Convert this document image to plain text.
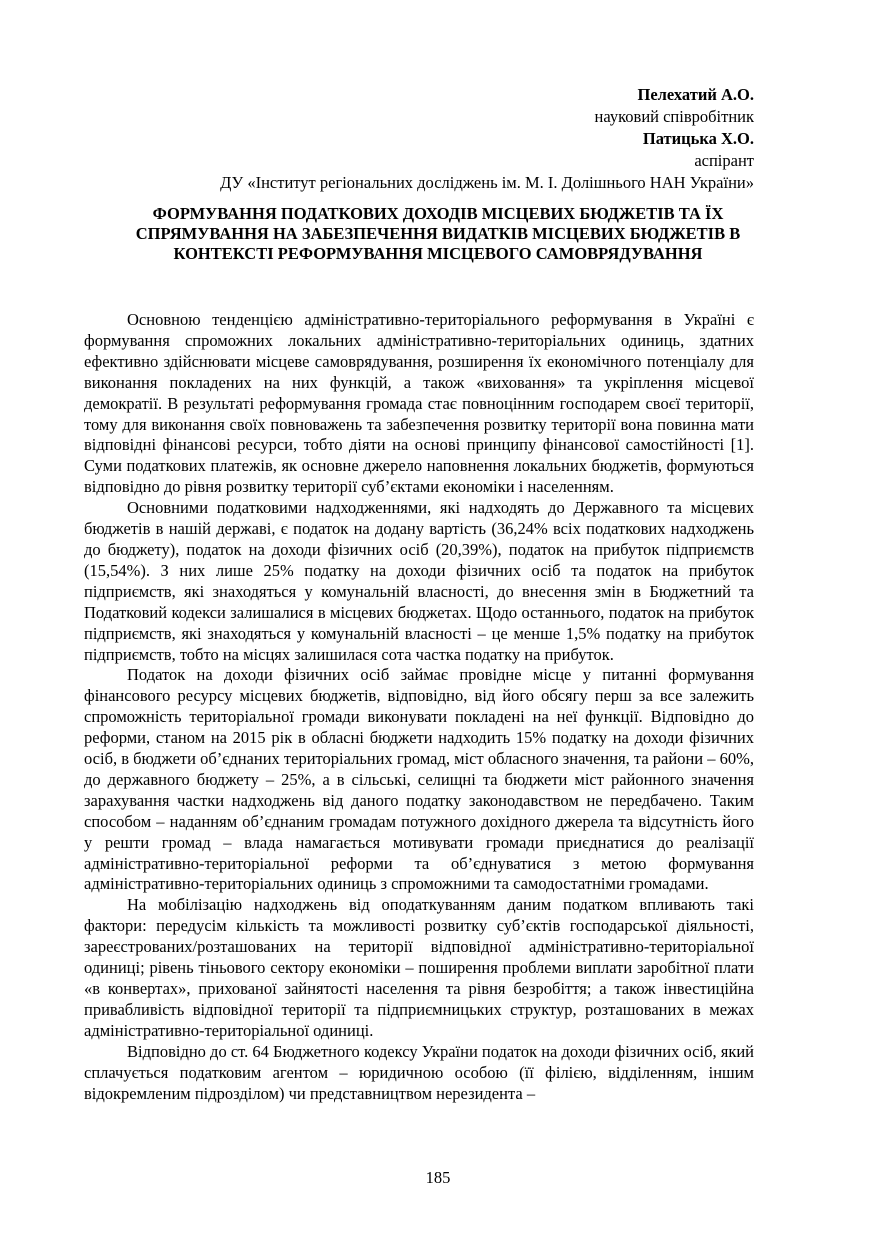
Пелехатий А.О.
науковий співробітник
Патицька Х.О.
аспірант
ДУ «Інститут регіональних досліджень ім. М. І. Долішнього НАН України»
ФОРМУВАННЯ ПОДАТКОВИХ ДОХОДІВ МІСЦЕВИХ БЮДЖЕТІВ ТА ЇХ СПРЯМУВАННЯ НА ЗАБЕЗПЕЧЕННЯ ВИДАТКІВ МІСЦЕВИХ БЮДЖЕТІВ В КОНТЕКСТІ РЕФОРМУВАННЯ МІСЦЕВОГО САМОВРЯДУВАННЯ

Основною тенденцією адміністративно-територіального реформування в Україні є формування спроможних локальних адміністративно-територіальних одиниць, здатних ефективно здійснювати місцеве самоврядування, розширення їх економічного потенціалу для виконання покладених на них функцій, а також «виховання» та укріплення місцевої демократії. В результаті реформування громада стає повноцінним господарем своєї території, тому для виконання своїх повноважень та забезпечення розвитку території вона повинна мати відповідні фінансові ресурси, тобто діяти на основі принципу фінансової самостійності [1]. Суми податкових платежів, як основне джерело наповнення локальних бюджетів, формуються відповідно до рівня розвитку території суб’єктами економіки і населенням.

Основними податковими надходженнями, які надходять до Державного та місцевих бюджетів в нашій державі, є податок на додану вартість (36,24% всіх податкових надходжень до бюджету), податок на доходи фізичних осіб (20,39%), податок на прибуток підприємств (15,54%). З них лише 25% податку на доходи фізичних осіб та податок на прибуток підприємств, які знаходяться у комунальній власності, до внесення змін в Бюджетний та Податковий кодекси залишалися в місцевих бюджетах. Щодо останнього, податок на прибуток підприємств, які знаходяться у комунальній власності – це менше 1,5% податку на прибуток підприємств, тобто на місцях залишилася сота частка податку на прибуток.

Податок на доходи фізичних осіб займає провідне місце у питанні формування фінансового ресурсу місцевих бюджетів, відповідно, від його обсягу перш за все залежить спроможність територіальної громади виконувати покладені на неї функції. Відповідно до реформи, станом на 2015 рік в обласні бюджети надходить 15% податку на доходи фізичних осіб, в бюджети об’єднаних територіальних громад, міст обласного значення, та райони – 60%, до державного бюджету – 25%, а в сільські, селищні та бюджети міст районного значення зарахування частки надходжень від даного податку законодавством не передбачено. Таким способом – наданням об’єднаним громадам потужного дохідного джерела та відсутність його у решти громад – влада намагається мотивувати громади приєднатися до реалізації адміністративно-територіальної реформи та об’єднуватися з метою формування адміністративно-територіальних одиниць з спроможними та самодостатніми громадами.

На мобілізацію надходжень від оподаткуванням даним податком впливають такі фактори: передусім кількість та можливості розвитку суб’єктів господарської діяльності, зареєстрованих/розташованих на території відповідної адміністративно-територіальної одиниці; рівень тіньового сектору економіки – поширення проблеми виплати заробітної плати «в конвертах», прихованої зайнятості населення та рівня безробіття; а також інвестиційна привабливість відповідної території та підприємницьких структур, розташованих в межах адміністративно-територіальної одиниці.

Відповідно до ст. 64 Бюджетного кодексу України податок на доходи фізичних осіб, який сплачується податковим агентом – юридичною особою (її філією, відділенням, іншим відокремленим підрозділом) чи представництвом нерезидента –

185
